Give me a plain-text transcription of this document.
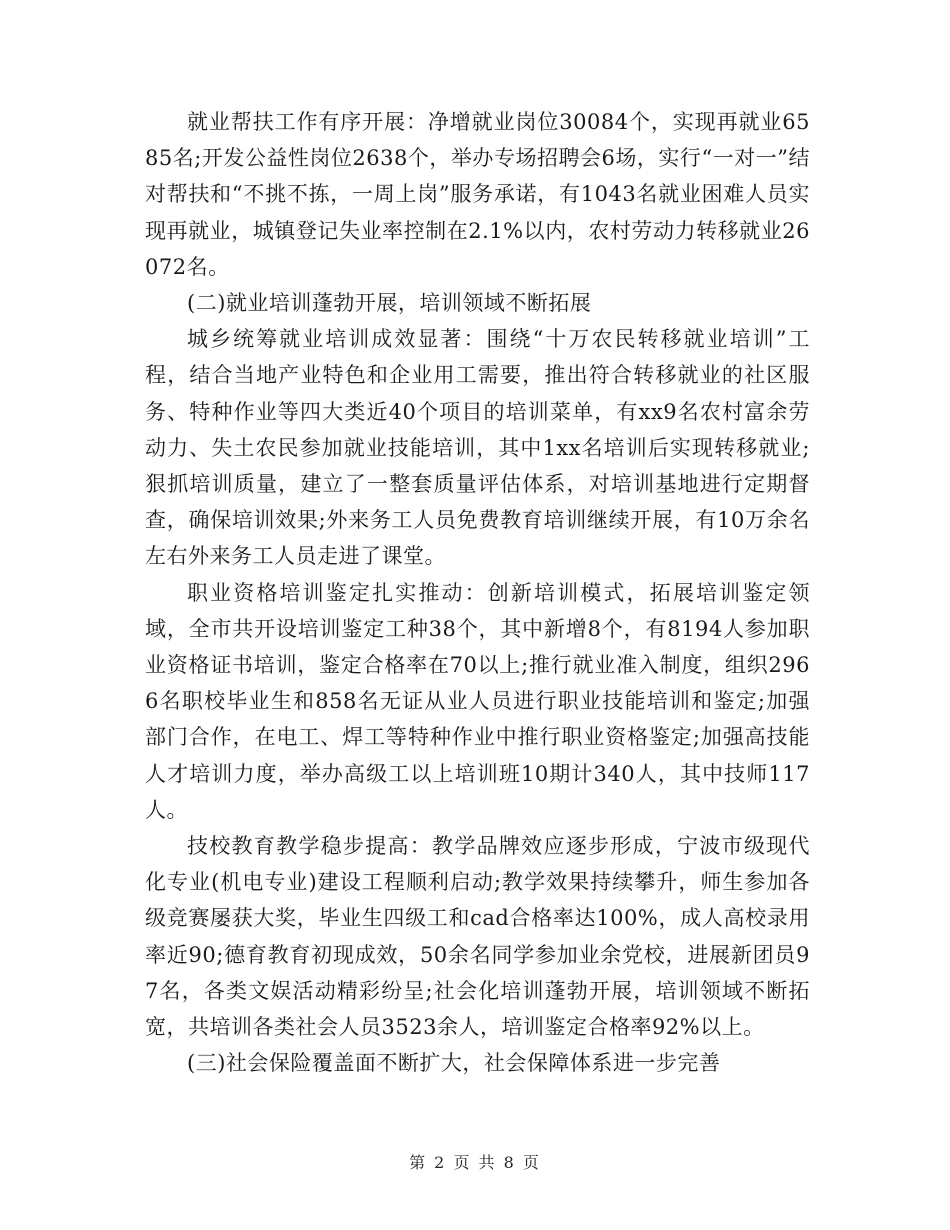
就业帮扶工作有序开展：净增就业岗位30084个，实现再就业6585名;开发公益性岗位2638个，举办专场招聘会6场，实行“一对一”结对帮扶和“不挑不拣，一周上岗”服务承诺，有1043名就业困难人员实现再就业，城镇登记失业率控制在2.1%以内，农村劳动力转移就业26072名。

(二)就业培训蓬勃开展，培训领域不断拓展

城乡统筹就业培训成效显著：围绕“十万农民转移就业培训”工程，结合当地产业特色和企业用工需要，推出符合转移就业的社区服务、特种作业等四大类近40个项目的培训菜单，有xx9名农村富余劳动力、失土农民参加就业技能培训，其中1xx名培训后实现转移就业;狠抓培训质量，建立了一整套质量评估体系，对培训基地进行定期督查，确保培训效果;外来务工人员免费教育培训继续开展，有10万余名左右外来务工人员走进了课堂。

职业资格培训鉴定扎实推动：创新培训模式，拓展培训鉴定领域，全市共开设培训鉴定工种38个，其中新增8个，有8194人参加职业资格证书培训，鉴定合格率在70以上;推行就业准入制度，组织2966名职校毕业生和858名无证从业人员进行职业技能培训和鉴定;加强部门合作，在电工、焊工等特种作业中推行职业资格鉴定;加强高技能人才培训力度，举办高级工以上培训班10期计340人，其中技师117人。

技校教育教学稳步提高：教学品牌效应逐步形成，宁波市级现代化专业(机电专业)建设工程顺利启动;教学效果持续攀升，师生参加各级竞赛屡获大奖，毕业生四级工和cad合格率达100%，成人高校录用率近90;德育教育初现成效，50余名同学参加业余党校，进展新团员97名，各类文娱活动精彩纷呈;社会化培训蓬勃开展，培训领域不断拓宽，共培训各类社会人员3523余人，培训鉴定合格率92%以上。

(三)社会保险覆盖面不断扩大，社会保障体系进一步完善

第 2 页 共 8 页
